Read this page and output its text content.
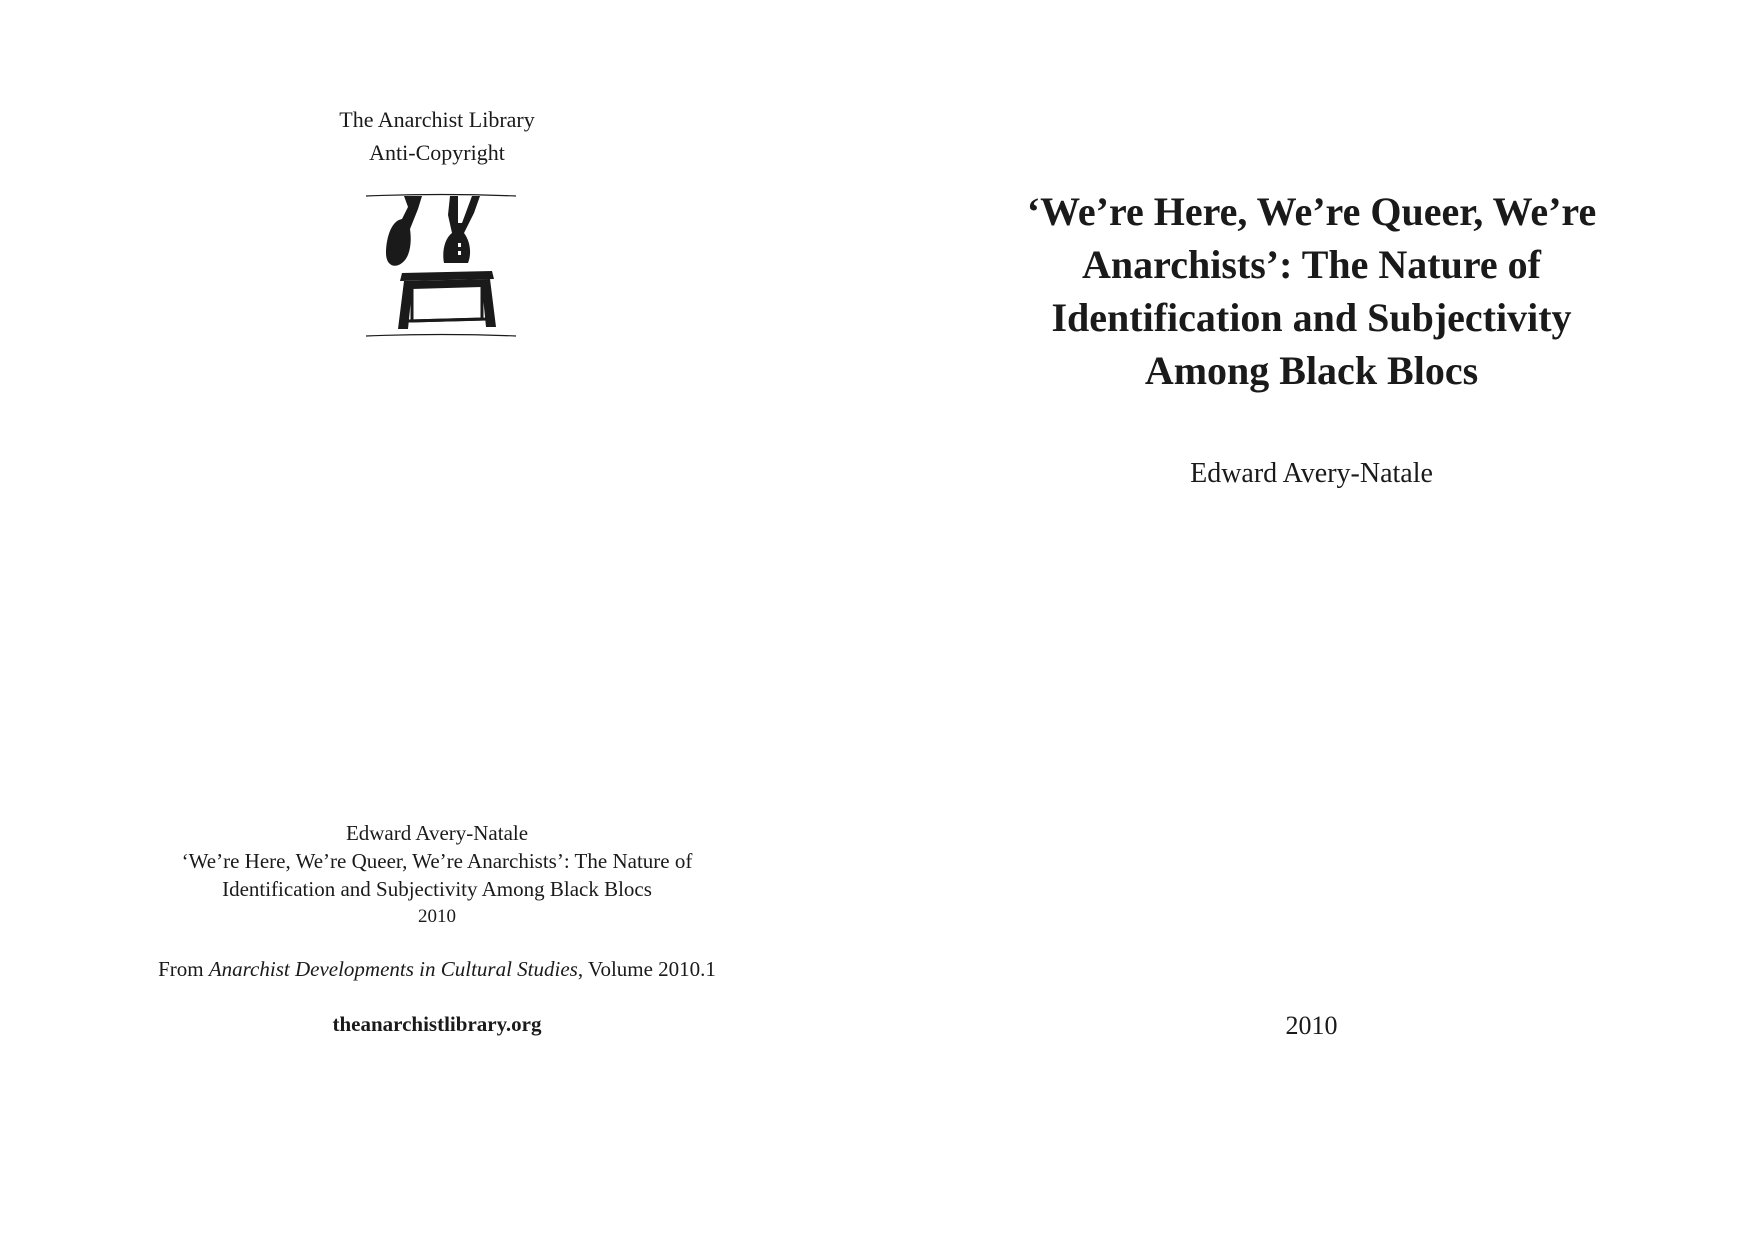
The Anarchist Library
Anti-Copyright
Edward Avery-Natale
‘We’re Here, We’re Queer, We’re Anarchists’: The Nature of
Identification and Subjectivity Among Black Blocs
2010
From Anarchist Developments in Cultural Studies, Volume 2010.1
theanarchistlibrary.org
‘We’re Here, We’re Queer, We’re
Anarchists’: The Nature of
Identification and Subjectivity
Among Black Blocs
Edward Avery-Natale
2010
